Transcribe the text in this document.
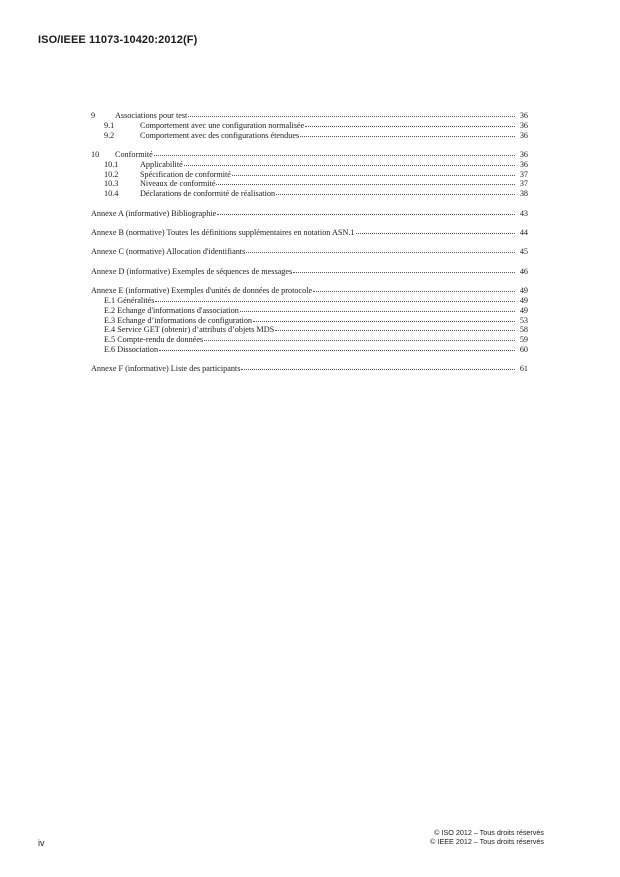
ISO/IEEE 11073-10420:2012(F)
9	Associations pour test	36
9.1	Comportement avec une configuration normalisée	36
9.2	Comportement avec des configurations étendues	36
10	Conformité	36
10.1	Applicabilité	36
10.2	Spécification de conformité	37
10.3	Niveaux de conformité	37
10.4	Déclarations de conformité de réalisation	38
Annexe A (informative) Bibliographie	43
Annexe B (normative) Toutes les définitions supplémentaires en notation ASN.1	44
Annexe C (normative) Allocation d'identifiants	45
Annexe D (informative) Exemples de séquences de messages	46
Annexe E (informative) Exemples d'unités de données de protocole	49
E.1 Généralités	49
E.2 Echange d'informations d'association	49
E.3 Echange d’informations de configuration	53
E.4 Service GET (obtenir) d’attributs d’objets MDS	58
E.5 Compte-rendu de données	59
E.6 Dissociation	60
Annexe F (informative) Liste des participants	61
© ISO 2012 – Tous droits réservés
© IEEE 2012 – Tous droits réservés
iv
